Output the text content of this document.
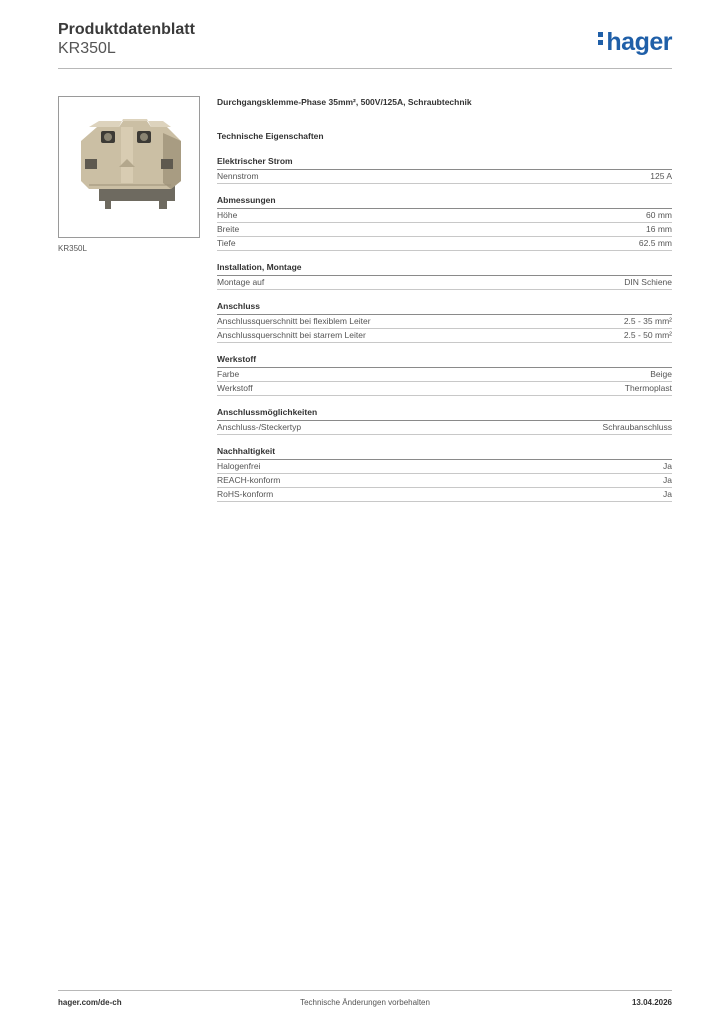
Produktdatenblatt
KR350L	hager
KR350L
Durchgangsklemme-Phase 35mm², 500V/125A, Schraubtechnik
Technische Eigenschaften
Elektrischer Strom
Nennstrom	125 A
Abmessungen
Höhe	60 mm
Breite	16 mm
Tiefe	62.5 mm
Installation, Montage
Montage auf	DIN Schiene
Anschluss
Anschlussquerschnitt bei flexiblem Leiter	2.5 - 35 mm²
Anschlussquerschnitt bei starrem Leiter	2.5 - 50 mm²
Werkstoff
Farbe	Beige
Werkstoff	Thermoplast
Anschlussmöglichkeiten
Anschluss-/Steckertyp	Schraubanschluss
Nachhaltigkeit
Halogenfrei	Ja
REACH-konform	Ja
RoHS-konform	Ja
hager.com/de-ch	Technische Änderungen vorbehalten	13.04.2026
